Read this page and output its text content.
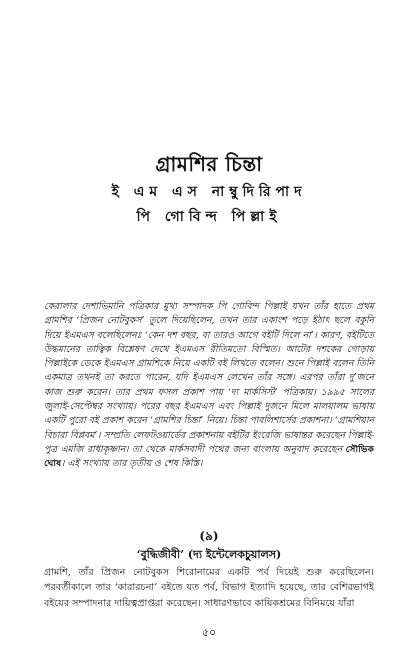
গ্রামশির চিন্তা
ই এম এস নাম্বুদিরিপাদ
পি গোবিন্দ পিল্লাই

কেরালার দেশাভিমানি পত্রিকার মুখ্য সম্পাদক পি গোবিন্দ পিল্লাই যখন তাঁর হাতে প্রথম গ্রামশির ‘প্রিজন নোটবুকস’ তুলে দিয়েছিলেন, তখন তার একাংশ পড়ে ইঠাৎ ছলে বকুনি দিয়ে ইএমএস বলেছিলেনঃ ‘কেন দশ বছর, বা তারও আগে বইটি দিলে না’। কারণ, বইটিতে উদ্ধমানের তাত্বিক বিশ্লেষণ দেখে ইএমএস রীতিমতো বিস্মিত। আটের দশকের গোড়ায় পিল্লাইকে ডেকে ইএমএস গ্রামশিকে নিয়ে একটি বই লিখতে বলেন। শুনে পিল্লাই বলেন তিনি একমাত্র তখনই তা করতে পারেন, যদি ইএমএস লেখেন তাঁর সঙ্গে। এরপর তাঁরা দু’জনে কাজ শুরু করেন। তার প্রথম ফসল প্রকাশ পায় ‘দ্য মার্কসিস্ট’ পত্রিকায়। ১৯৯৫ সালের জুলাই-সেপ্টেম্বর সংখ্যায়। পরের বছর ইএমএস এবং পিল্লাই দুজনে মিলে মালয়ালম ভাষায় একটি পুরো বই প্রকাশ করেন ‘গ্রামশির চিন্তা’ নিয়ে। চিন্তা পাবলিশার্সের প্রকাশনা। ‘গ্রামশিয়ান বিচারা বিপ্লবম’। সম্প্রতি লেফটওয়ার্ডের প্রকাশনায় বইটির ইংরেজি ভাষান্তর করেছেন পিল্লাই-পুত্র এমজি রাধাকৃষ্ণান। তা থেকে মার্কসবাদী পথের জন্য বাংলায় অনুবাদ করেছেন সৌভিক ঘোষ। এই সংখ্যায় তার তৃতীয় ও শেষ কিস্তি।

(৯)
‘বুদ্ধিজীবী’ (দ্য ইন্টেলেকচুয়ালস)

গ্রামশি, তাঁর প্রিজন নোটবুকস শিরোনামের একটি পর্ব দিয়েই শুরু করেছিলেন। পরবর্তীকালে তার ‘কারারচনা’ বইতে যত পর্ব, বিভাগ ইত্যাদি হয়েছে, তার বেশিরভাগই বইয়ের সম্পাদনার দায়িত্বপ্রাপ্তরা করেছেন। সাধারণভাবে কায়িকশ্রমের বিনিময়ে যাঁরা

৫০
